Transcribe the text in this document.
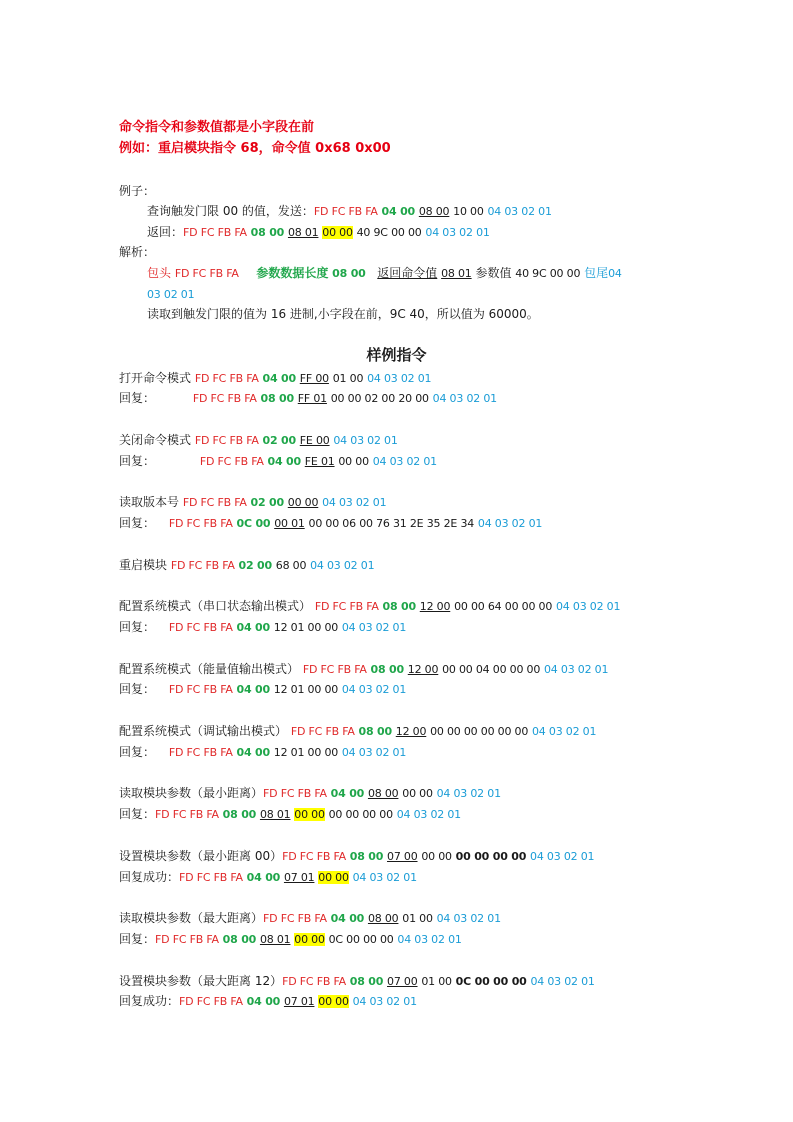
命令指令和参数值都是小字段在前
例如：重启模块指令 68，命令值 0x68 0x00
例子：
查询触发门限 00 的值，发送：FD FC FB FA 04 00 08 00 10 00 04 03 02 01
返回：FD FC FB FA 08 00 08 01 00 00 40 9C 00 00 04 03 02 01
解析：
包头 FD FC FB FA 参数数据长度 08 00 返回命令值 08 01 参数值 40 9C 00 00 包尾04
03 02 01
读取到触发门限的值为 16 进制,小字段在前，9C 40，所以值为 60000。
样例指令
打开命令模式 FD FC FB FA 04 00 FF 00 01 00 04 03 02 01
回复：	FD FC FB FA 08 00 FF 01 00 00 02 00 20 00 04 03 02 01
关闭命令模式 FD FC FB FA 02 00 FE 00 04 03 02 01
回复：	FD FC FB FA 04 00 FE 01 00 00 04 03 02 01
读取版本号 FD FC FB FA 02 00 00 00 04 03 02 01
回复： FD FC FB FA 0C 00 00 01 00 00 06 00 76 31 2E 35 2E 34 04 03 02 01
重启模块 FD FC FB FA 02 00 68 00 04 03 02 01
配置系统模式（串口状态输出模式） FD FC FB FA 08 00 12 00 00 00 64 00 00 00 04 03 02 01
回复： FD FC FB FA 04 00 12 01 00 00 04 03 02 01
配置系统模式（能量值输出模式） FD FC FB FA 08 00 12 00 00 00 04 00 00 00 04 03 02 01
回复： FD FC FB FA 04 00 12 01 00 00 04 03 02 01
配置系统模式（调试输出模式） FD FC FB FA 08 00 12 00 00 00 00 00 00 00 04 03 02 01
回复： FD FC FB FA 04 00 12 01 00 00 04 03 02 01
读取模块参数（最小距离）FD FC FB FA 04 00 08 00 00 00 04 03 02 01
回复：FD FC FB FA 08 00 08 01 00 00 00 00 00 00 04 03 02 01
设置模块参数（最小距离 00）FD FC FB FA 08 00 07 00 00 00 00 00 00 00 04 03 02 01
回复成功：FD FC FB FA 04 00 07 01 00 00 04 03 02 01
读取模块参数（最大距离）FD FC FB FA 04 00 08 00 01 00 04 03 02 01
回复：FD FC FB FA 08 00 08 01 00 00 0C 00 00 00 04 03 02 01
设置模块参数（最大距离 12）FD FC FB FA 08 00 07 00 01 00 0C 00 00 00 04 03 02 01
回复成功：FD FC FB FA 04 00 07 01 00 00 04 03 02 01
